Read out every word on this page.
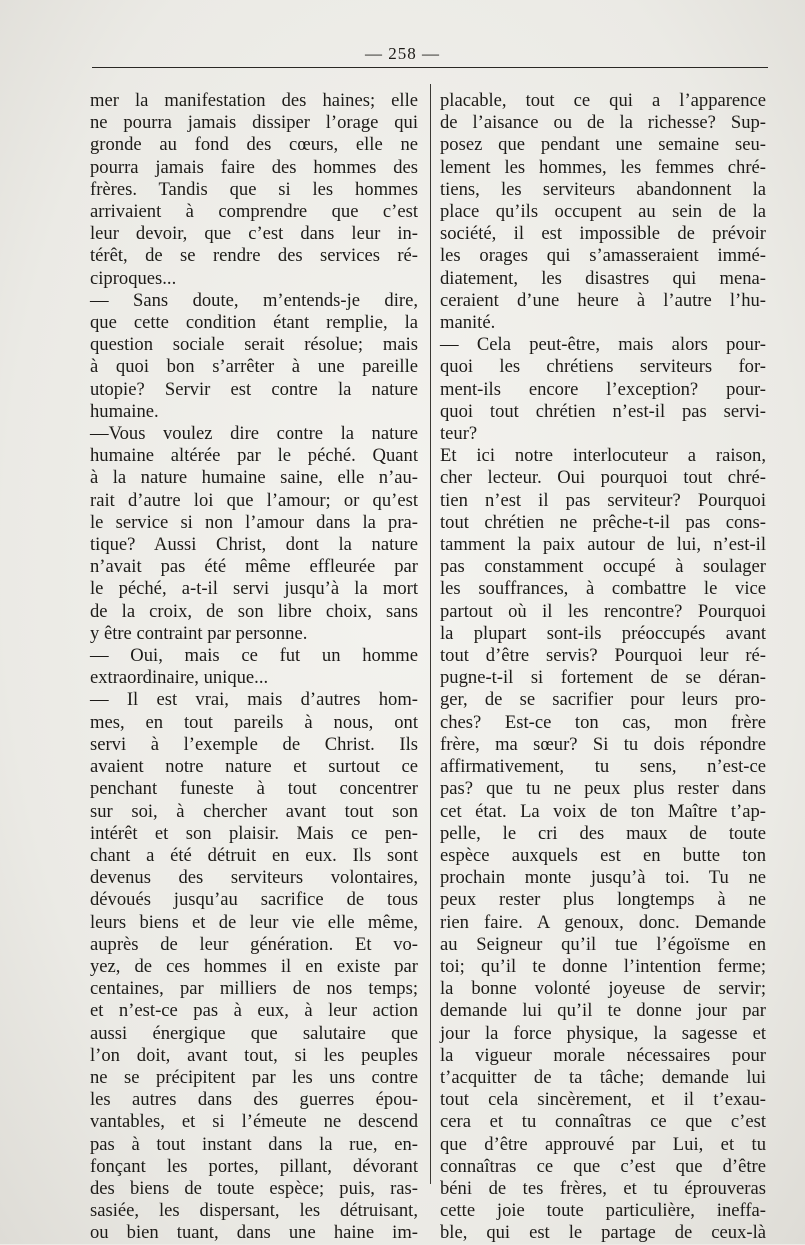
— 258 —
mer la manifestation des haines; elle
ne pourra jamais dissiper l’orage qui
gronde au fond des cœurs, elle ne
pourra jamais faire des hommes des
frères. Tandis que si les hommes
arrivaient à comprendre que c’est
leur devoir, que c’est dans leur in-
térêt, de se rendre des services ré-
ciproques...
— Sans doute, m’entends-je dire,
que cette condition étant remplie, la
question sociale serait résolue; mais
à quoi bon s’arrêter à une pareille
utopie? Servir est contre la nature
humaine.
—Vous voulez dire contre la nature
humaine altérée par le péché. Quant
à la nature humaine saine, elle n’au-
rait d’autre loi que l’amour; or qu’est
le service si non l’amour dans la pra-
tique? Aussi Christ, dont la nature
n’avait pas été même effleurée par
le péché, a-t-il servi jusqu’à la mort
de la croix, de son libre choix, sans
y être contraint par personne.
— Oui, mais ce fut un homme
extraordinaire, unique...
— Il est vrai, mais d’autres hom-
mes, en tout pareils à nous, ont
servi à l’exemple de Christ. Ils
avaient notre nature et surtout ce
penchant funeste à tout concentrer
sur soi, à chercher avant tout son
intérêt et son plaisir. Mais ce pen-
chant a été détruit en eux. Ils sont
devenus des serviteurs volontaires,
dévoués jusqu’au sacrifice de tous
leurs biens et de leur vie elle même,
auprès de leur génération. Et vo-
yez, de ces hommes il en existe par
centaines, par milliers de nos temps;
et n’est-ce pas à eux, à leur action
aussi énergique que salutaire que
l’on doit, avant tout, si les peuples
ne se précipitent par les uns contre
les autres dans des guerres épou-
vantables, et si l’émeute ne descend
pas à tout instant dans la rue, en-
fonçant les portes, pillant, dévorant
des biens de toute espèce; puis, ras-
sasiée, les dispersant, les détruisant,
ou bien tuant, dans une haine im-
placable, tout ce qui a l’apparence
de l’aisance ou de la richesse? Sup-
posez que pendant une semaine seu-
lement les hommes, les femmes chré-
tiens, les serviteurs abandonnent la
place qu’ils occupent au sein de la
société, il est impossible de prévoir
les orages qui s’amasseraient immé-
diatement, les disastres qui mena-
ceraient d’une heure à l’autre l’hu-
manité.
— Cela peut-être, mais alors pour-
quoi les chrétiens serviteurs for-
ment-ils encore l’exception? pour-
quoi tout chrétien n’est-il pas servi-
teur?
Et ici notre interlocuteur a raison,
cher lecteur. Oui pourquoi tout chré-
tien n’est il pas serviteur? Pourquoi
tout chrétien ne prêche-t-il pas cons-
tamment la paix autour de lui, n’est-il
pas constamment occupé à soulager
les souffrances, à combattre le vice
partout où il les rencontre? Pourquoi
la plupart sont-ils préoccupés avant
tout d’être servis? Pourquoi leur ré-
pugne-t-il si fortement de se déran-
ger, de se sacrifier pour leurs pro-
ches? Est-ce ton cas, mon frère
frère, ma sœur? Si tu dois répondre
affirmativement, tu sens, n’est-ce
pas? que tu ne peux plus rester dans
cet état. La voix de ton Maître t’ap-
pelle, le cri des maux de toute
espèce auxquels est en butte ton
prochain monte jusqu’à toi. Tu ne
peux rester plus longtemps à ne
rien faire. A genoux, donc. Demande
au Seigneur qu’il tue l’égoïsme en
toi; qu’il te donne l’intention ferme;
la bonne volonté joyeuse de servir;
demande lui qu’il te donne jour par
jour la force physique, la sagesse et
la vigueur morale nécessaires pour
t’acquitter de ta tâche; demande lui
tout cela sincèrement, et il t’exau-
cera et tu connaîtras ce que c’est
que d’être approuvé par Lui, et tu
connaîtras ce que c’est que d’être
béni de tes frères, et tu éprouveras
cette joie toute particulière, ineffa-
ble, qui est le partage de ceux-là
